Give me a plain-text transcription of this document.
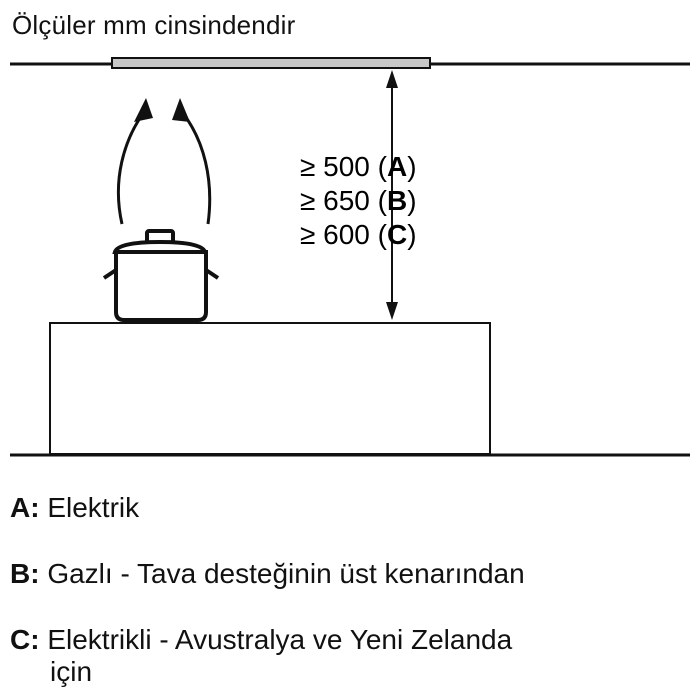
Ölçüler mm cinsindendir
≥ 500 (A)
≥ 650 (B)
≥ 600 (C)
A: Elektrik
B: Gazlı - Tava desteğinin üst kenarından
C: Elektrikli - Avustralya ve Yeni Zelanda
için
